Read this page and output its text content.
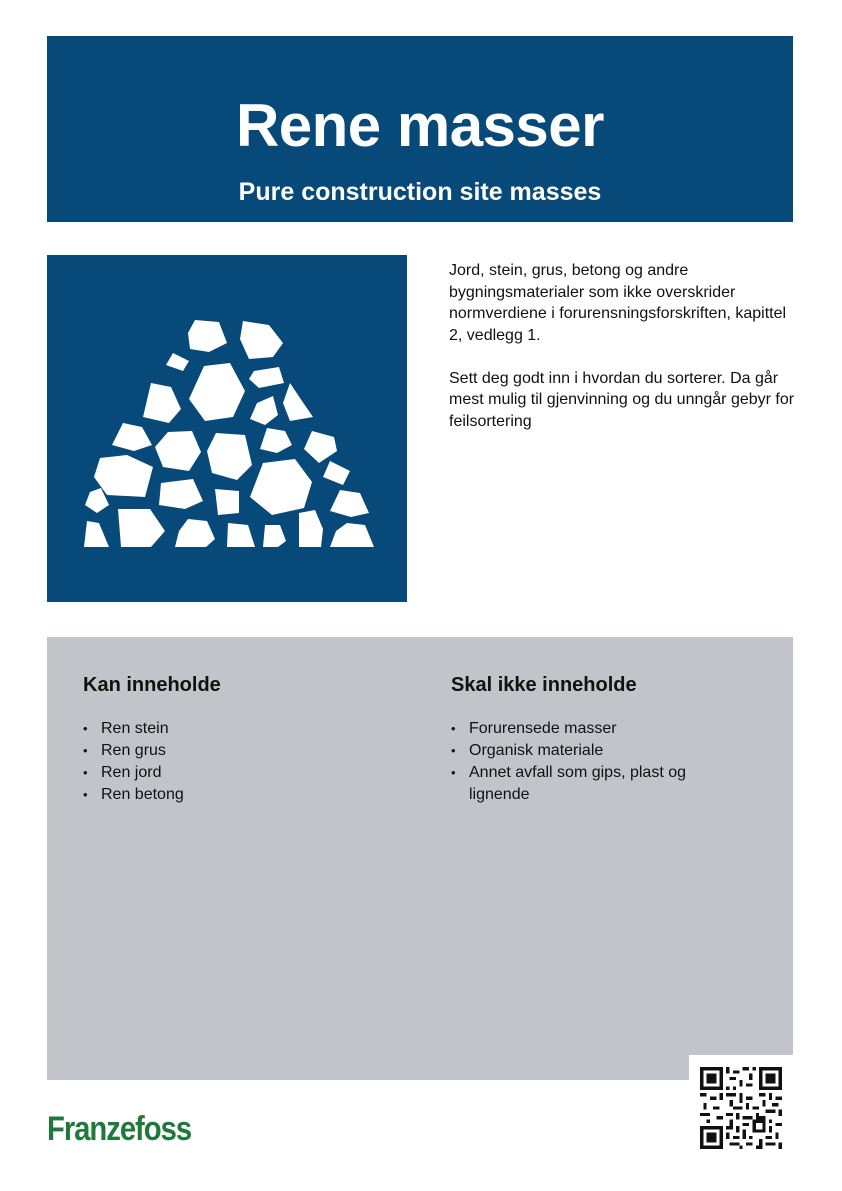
Rene masser
Pure construction site masses

Jord, stein, grus, betong og andre bygningsmaterialer som ikke overskrider normverdiene i forurensningsforskriften, kapittel 2, vedlegg 1.

Sett deg godt inn i hvordan du sorterer. Da går mest mulig til gjenvinning og du unngår gebyr for feilsortering

Kan inneholde
• Ren stein
• Ren grus
• Ren jord
• Ren betong
Skal ikke inneholde
• Forurensede masser
• Organisk materiale
• Annet avfall som gips, plast og lignende
Franzefoss
